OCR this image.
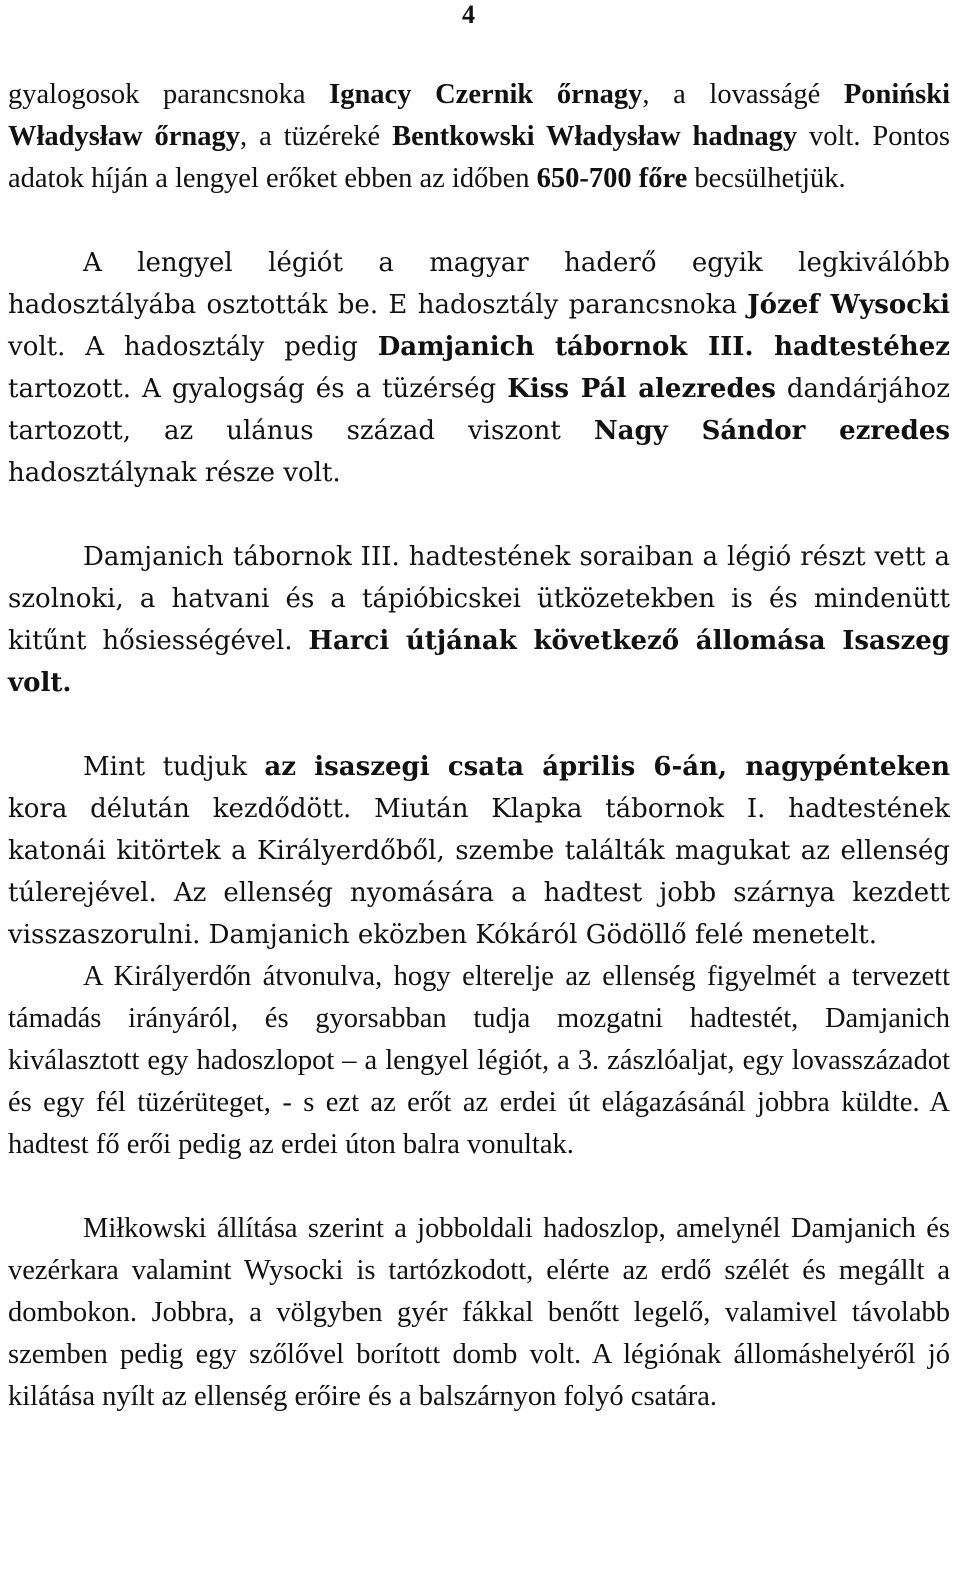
4

gyalogosok parancsnoka Ignacy Czernik őrnagy, a lovasságé Poniński Władysław őrnagy, a tüzéreké Bentkowski Władysław hadnagy volt. Pontos adatok híján a lengyel erőket ebben az időben 650-700 főre becsülhetjük.

A lengyel légiót a magyar haderő egyik legkiválóbb hadosztályába osztották be. E hadosztály parancsnoka Józef Wysocki volt. A hadosztály pedig Damjanich tábornok III. hadtestéhez tartozott. A gyalogság és a tüzérség Kiss Pál alezredes dandárjához tartozott, az ulánus század viszont Nagy Sándor ezredes hadosztálynak része volt.

Damjanich tábornok III. hadtestének soraiban a légió részt vett a szolnoki, a hatvani és a tápióbicskei ütközetekben is és mindenütt kitűnt hősiességével. Harci útjának következő állomása Isaszeg volt.

Mint tudjuk az isaszegi csata április 6-án, nagypénteken kora délután kezdődött. Miután Klapka tábornok I. hadtestének katonái kitörtek a Királyerdőből, szembe találták magukat az ellenség túlerejével. Az ellenség nyomására a hadtest jobb szárnya kezdett visszaszorulni. Damjanich eközben Kókáról Gödöllő felé menetelt.

A Királyerdőn átvonulva, hogy elterelje az ellenség figyelmét a tervezett támadás irányáról, és gyorsabban tudja mozgatni hadtestét, Damjanich kiválasztott egy hadoszlopot – a lengyel légiót, a 3. zászlóaljat, egy lovasszázadot és egy fél tüzérüteget, - s ezt az erőt az erdei út elágazásánál jobbra küldte. A hadtest fő erői pedig az erdei úton balra vonultak.

Miłkowski állítása szerint a jobboldali hadoszlop, amelynél Damjanich és vezérkara valamint Wysocki is tartózkodott, elérte az erdő szélét és megállt a dombokon. Jobbra, a völgyben gyér fákkal benőtt legelő, valamivel távolabb szemben pedig egy szőlővel borított domb volt. A légiónak állomáshelyéről jó kilátása nyílt az ellenség erőire és a balszárnyon folyó csatára.
